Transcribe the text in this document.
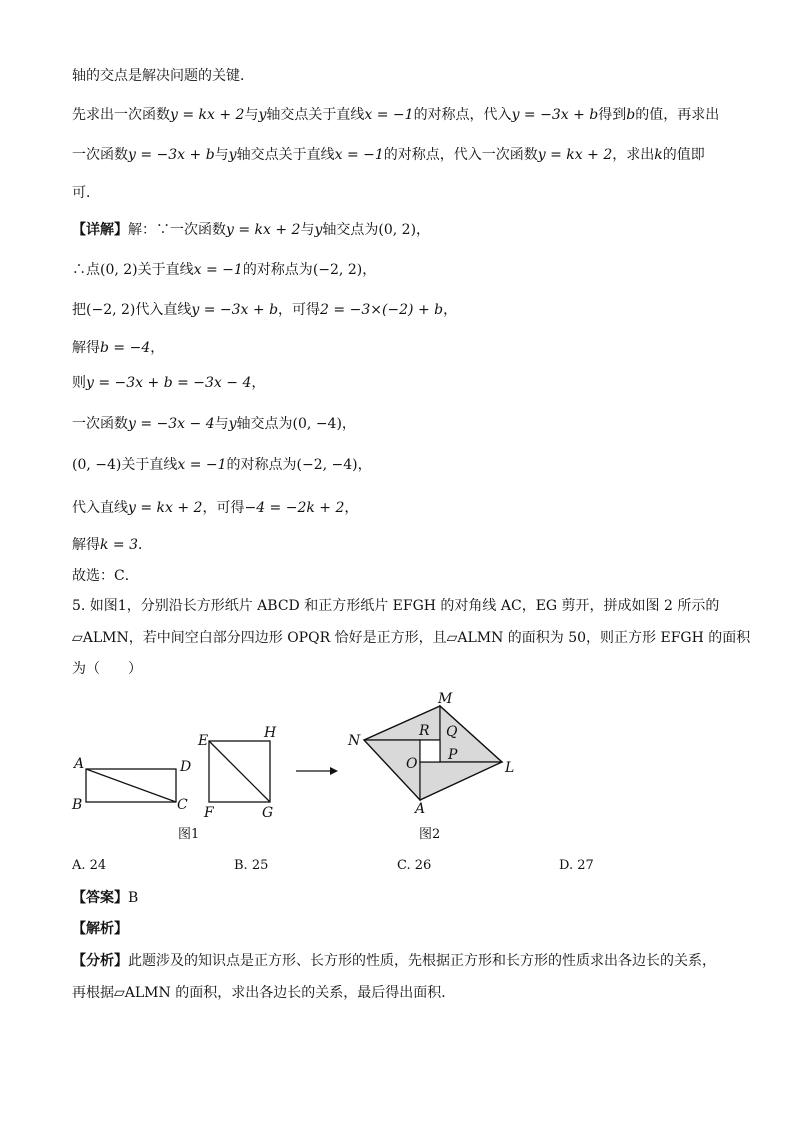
轴的交点是解决问题的关键．
先求出一次函数y = kx + 2与y轴交点关于直线x = −1的对称点，代入y = −3x + b得到b的值，再求出
一次函数y = −3x + b与y轴交点关于直线x = −1的对称点，代入一次函数y = kx + 2，求出k的值即
可．
【详解】解：∵一次函数y = kx + 2与y轴交点为(0, 2)，
∴点(0, 2)关于直线x = −1的对称点为(−2, 2)，
把(−2, 2)代入直线y = −3x + b，可得2 = −3×(−2) + b，
解得b = −4，
则y = −3x + b = −3x − 4，
一次函数y = −3x − 4与y轴交点为(0, −4)，
(0, −4)关于直线x = −1的对称点为(−2, −4)，
代入直线y = kx + 2，可得−4 = −2k + 2，
解得k = 3．
故选：C．
5. 如图1，分别沿长方形纸片 ABCD 和正方形纸片 EFGH 的对角线 AC，EG 剪开，拼成如图 2 所示的
▱ALMN，若中间空白部分四边形 OPQR 恰好是正方形，且▱ALMN 的面积为 50，则正方形 EFGH 的面积
为（　　）
A
B	C
D
E	H
F	G
图1
M
N
L
A
R Q
P
O
图2
A. 24	B. 25	C. 26	D. 27
【答案】B
【解析】
【分析】此题涉及的知识点是正方形、长方形的性质，先根据正方形和长方形的性质求出各边长的关系，
再根据▱ALMN 的面积，求出各边长的关系，最后得出面积．
